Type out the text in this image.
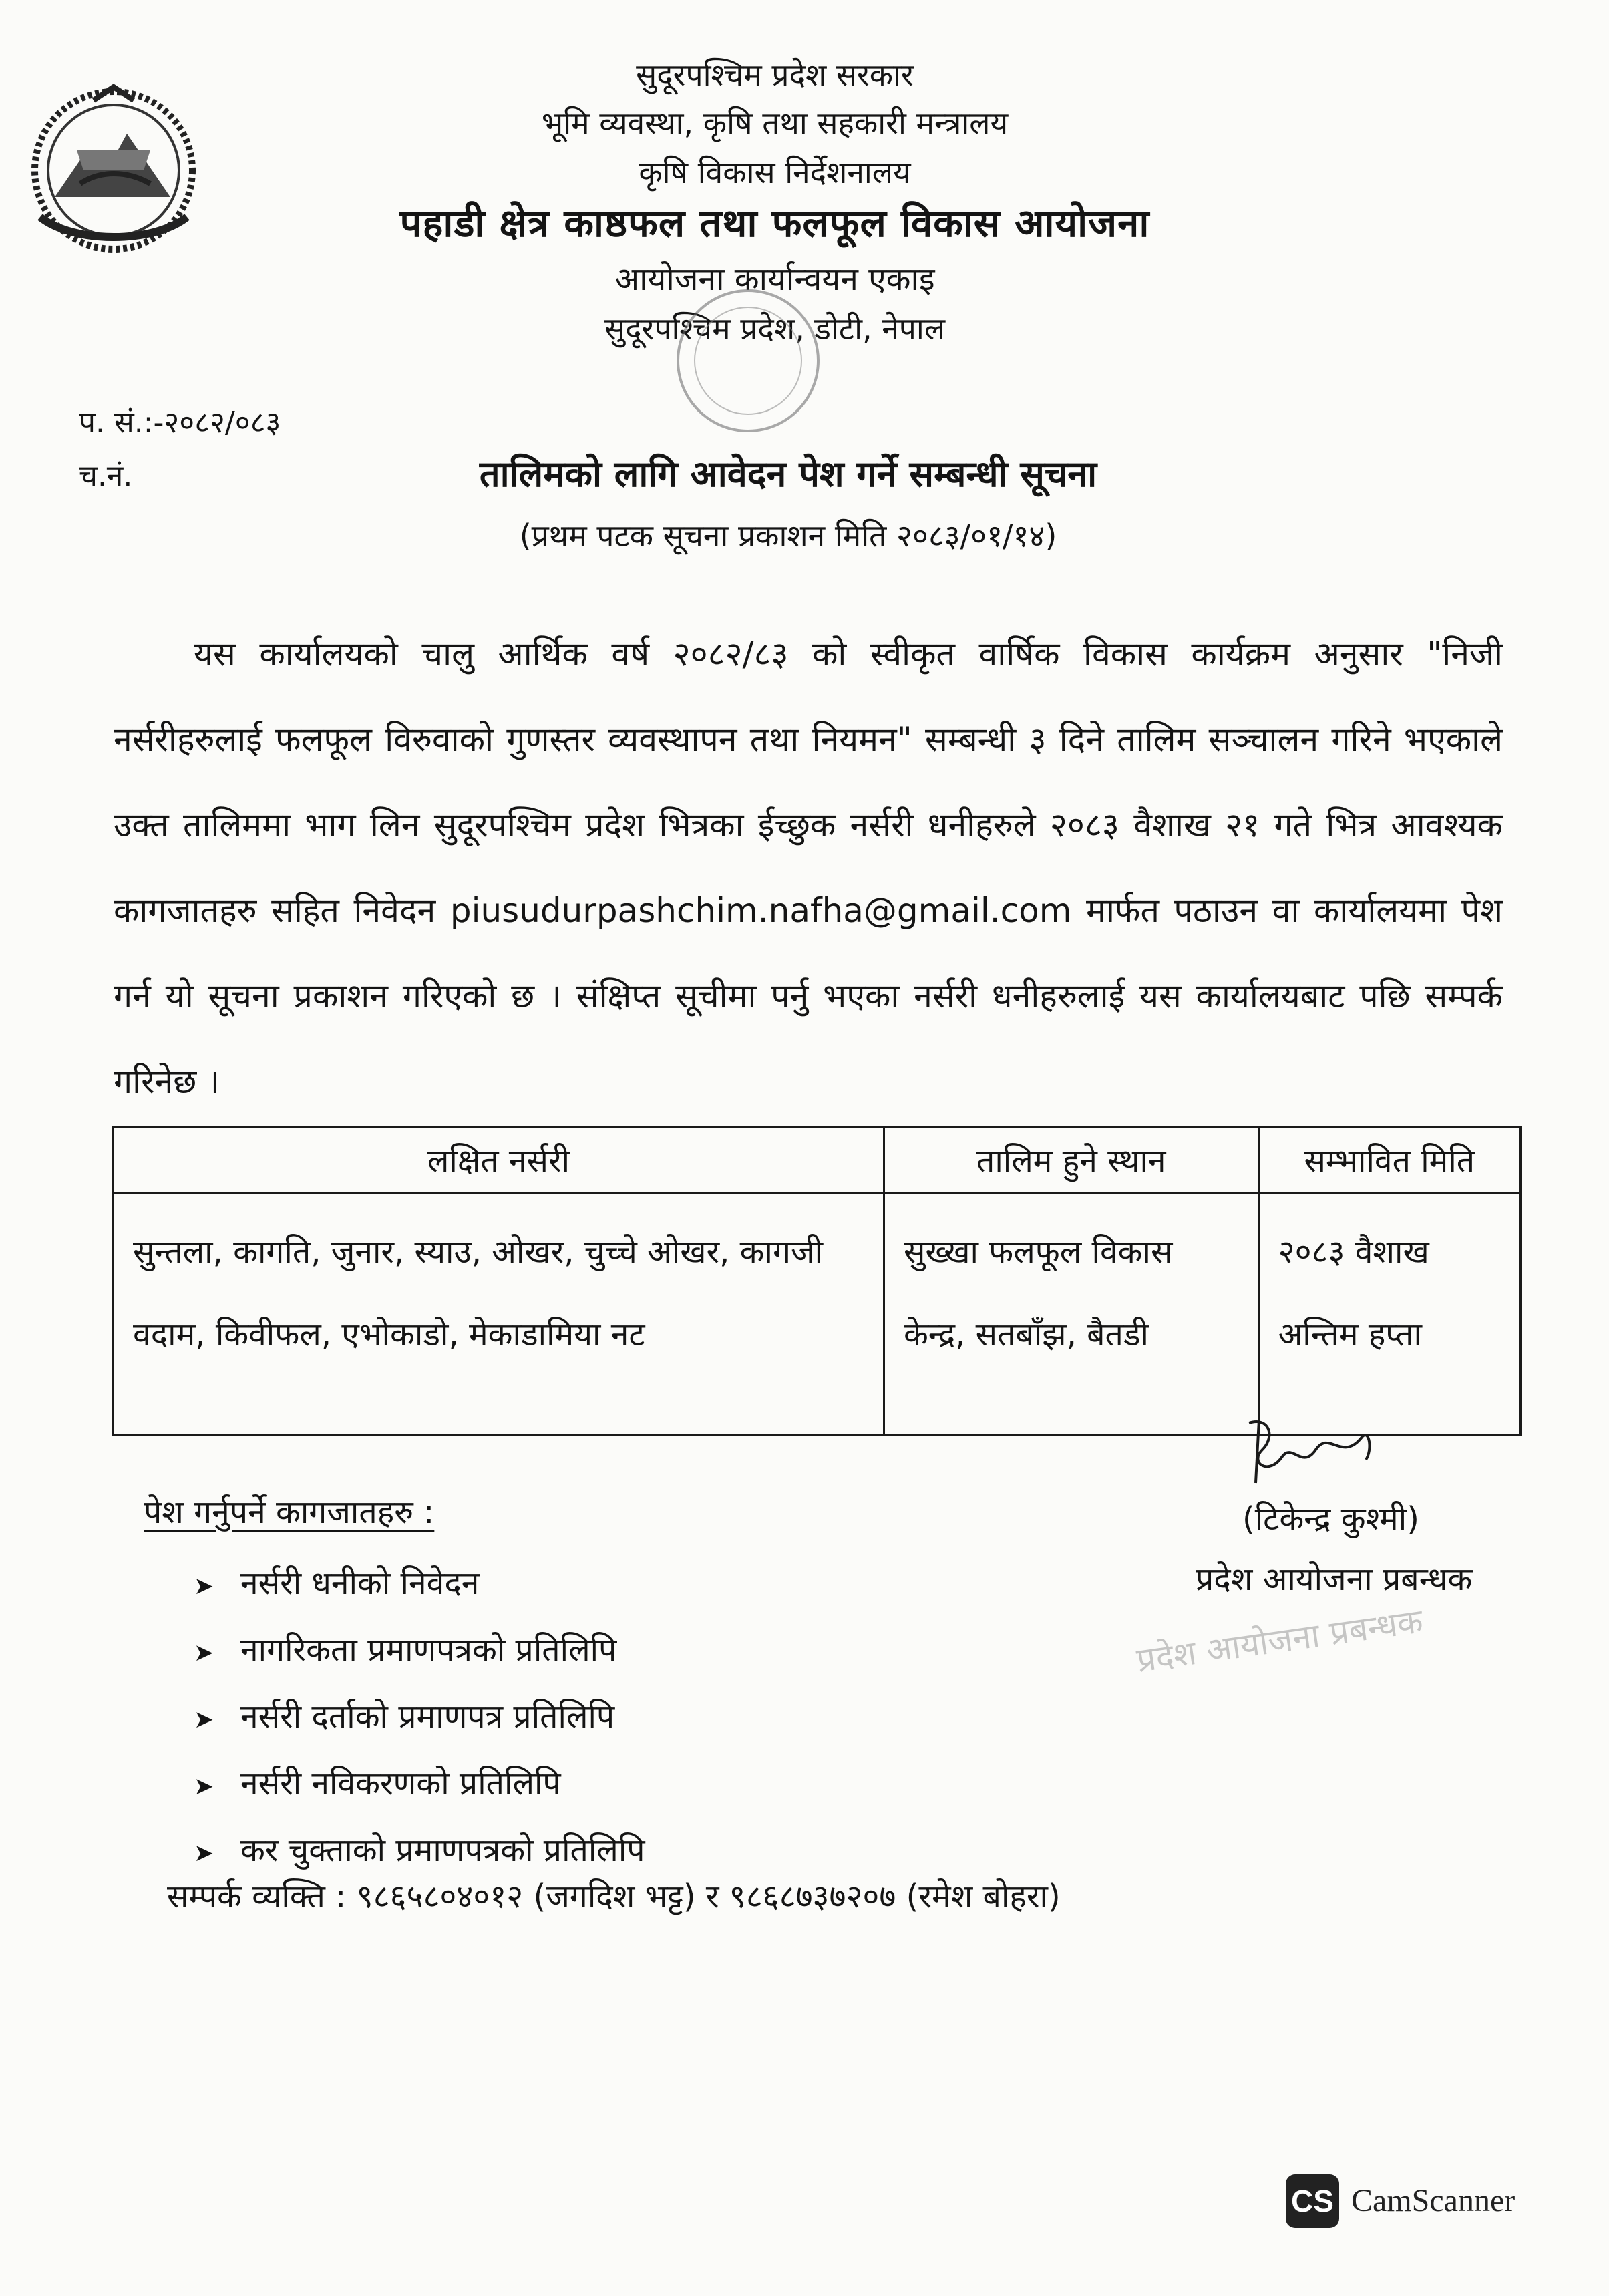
सुदूरपश्चिम प्रदेश सरकार
भूमि व्यवस्था, कृषि तथा सहकारी मन्त्रालय
कृषि विकास निर्देशनालय
पहाडी क्षेत्र काष्ठफल तथा फलफूल विकास आयोजना
आयोजना कार्यान्वयन एकाइ
सुदूरपश्चिम प्रदेश, डोटी, नेपाल
प. सं.:-२०८२/०८३
च.नं.	तालिमको लागि आवेदन पेश गर्ने सम्बन्धी सूचना
(प्रथम पटक सूचना प्रकाशन मिति २०८३/०१/१४)
यस कार्यालयको चालु आर्थिक वर्ष २०८२/८३ को स्वीकृत वार्षिक विकास कार्यक्रम अनुसार "निजी नर्सरीहरुलाई फलफूल विरुवाको गुणस्तर व्यवस्थापन तथा नियमन" सम्बन्धी ३ दिने तालिम सञ्चालन गरिने भएकाले उक्त तालिममा भाग लिन सुदूरपश्चिम प्रदेश भित्रका ईच्छुक नर्सरी धनीहरुले २०८३ वैशाख २१ गते भित्र आवश्यक कागजातहरु सहित निवेदन piusudurpashchim.nafha@gmail.com मार्फत पठाउन वा कार्यालयमा पेश गर्न यो सूचना प्रकाशन गरिएको छ । संक्षिप्त सूचीमा पर्नु भएका नर्सरी धनीहरुलाई यस कार्यालयबाट पछि सम्पर्क गरिनेछ ।
लक्षित नर्सरी	तालिम हुने स्थान	सम्भावित मिति
सुन्तला, कागति, जुनार, स्याउ, ओखर, चुच्चे ओखर, कागजी वदाम, किवीफल, एभोकाडो, मेकाडामिया नट	सुख्खा फलफूल विकास केन्द्र, सतबाँझ, बैतडी	२०८३ वैशाख अन्तिम हप्ता
(टिकेन्द्र कुश्मी)
प्रदेश आयोजना प्रबन्धक
प्रदेश आयोजना प्रबन्धक
पेश गर्नुपर्ने कागजातहरु :
➤ नर्सरी धनीको निवेदन
➤ नागरिकता प्रमाणपत्रको प्रतिलिपि
➤ नर्सरी दर्ताको प्रमाणपत्र प्रतिलिपि
➤ नर्सरी नविकरणको प्रतिलिपि
➤ कर चुक्ताको प्रमाणपत्रको प्रतिलिपि
सम्पर्क व्यक्ति : ९८६५८०४०१२ (जगदिश भट्ट) र ९८६८७३७२०७ (रमेश बोहरा)
CS CamScanner
